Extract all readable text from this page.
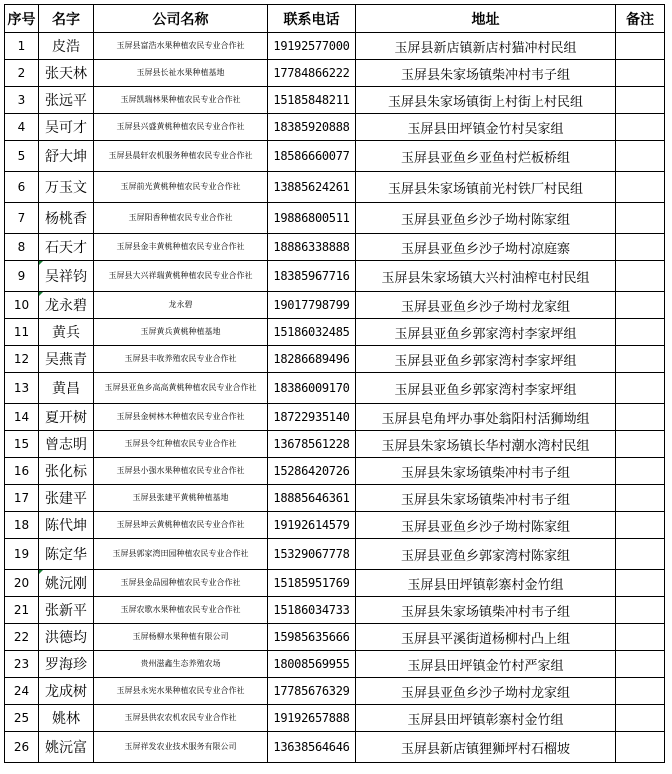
序号	名字	公司名称	联系电话	地址	备注
1	皮浩	玉屏县富浩水果种植农民专业合作社	19192577000	玉屏县新店镇新店村猫冲村民组	
2	张天林	玉屏县长祉水果种植基地	17784866222	玉屏县朱家场镇柴冲村韦子组	
3	张远平	玉屏凯瑞林果种植农民专业合作社	15185848211	玉屏县朱家场镇街上村街上村民组	
4	吴可才	玉屏县兴盛黄桃种植农民专业合作社	18385920888	玉屏县田坪镇金竹村吴家组	
5	舒大坤	玉屏县晨轩农机服务种植农民专业合作社	18586660077	玉屏县亚鱼乡亚鱼村烂板桥组	
6	万玉文	玉屏前光黄桃种植农民专业合作社	13885624261	玉屏县朱家场镇前光村铁厂村民组	
7	杨桃香	玉屏阳香种植农民专业合作社	19886800511	玉屏县亚鱼乡沙子坳村陈家组	
8	石天才	玉屏县金丰黄桃种植农民专业合作社	18886338888	玉屏县亚鱼乡沙子坳村凉庭寨	
9	吴祥钧	玉屏县大兴祥瑞黄桃种植农民专业合作社	18385967716	玉屏县朱家场镇大兴村油榨屯村民组	
10	龙永碧	龙永碧	19017798799	玉屏县亚鱼乡沙子坳村龙家组	
11	黄兵	玉屏黄兵黄桃种植基地	15186032485	玉屏县亚鱼乡郭家湾村李家坪组	
12	吴燕青	玉屏县丰收养殖农民专业合作社	18286689496	玉屏县亚鱼乡郭家湾村李家坪组	
13	黄昌	玉屏县亚鱼乡高高黄桃种植农民专业合作社	18386009170	玉屏县亚鱼乡郭家湾村李家坪组	
14	夏开树	玉屏县金树林木种植农民专业合作社	18722935140	玉屏县皂角坪办事处翁阳村活狮坳组	
15	曾志明	玉屏县令红种植农民专业合作社	13678561228	玉屏县朱家场镇长华村潮水湾村民组	
16	张化标	玉屏县小强水果种植农民专业合作社	15286420726	玉屏县朱家场镇柴冲村韦子组	
17	张建平	玉屏县张建平黄桃种植基地	18885646361	玉屏县朱家场镇柴冲村韦子组	
18	陈代坤	玉屏县坤云黄桃种植农民专业合作社	19192614579	玉屏县亚鱼乡沙子坳村陈家组	
19	陈定华	玉屏县郭家湾田园种植农民专业合作社	15329067778	玉屏县亚鱼乡郭家湾村陈家组	
20	姚沅刚	玉屏县金品园种植农民专业合作社	15185951769	玉屏县田坪镇彰寨村金竹组	
21	张新平	玉屏农歌水果种植农民专业合作社	15186034733	玉屏县朱家场镇柴冲村韦子组	
22	洪德均	玉屏杨柳水果种植有限公司	15985635666	玉屏县平溪街道杨柳村凸上组	
23	罗海珍	贵州滋鑫生态养殖农场	18008569955	玉屏县田坪镇金竹村严家组	
24	龙成树	玉屏县永宪水果种植农民专业合作社	17785676329	玉屏县亚鱼乡沙子坳村龙家组	
25	姚林	玉屏县供农农机农民专业合作社	19192657888	玉屏县田坪镇彰寨村金竹组	
26	姚沅富	玉屏祥发农业技术服务有限公司	13638564646	玉屏县新店镇狸狮坪村石榴坡	
